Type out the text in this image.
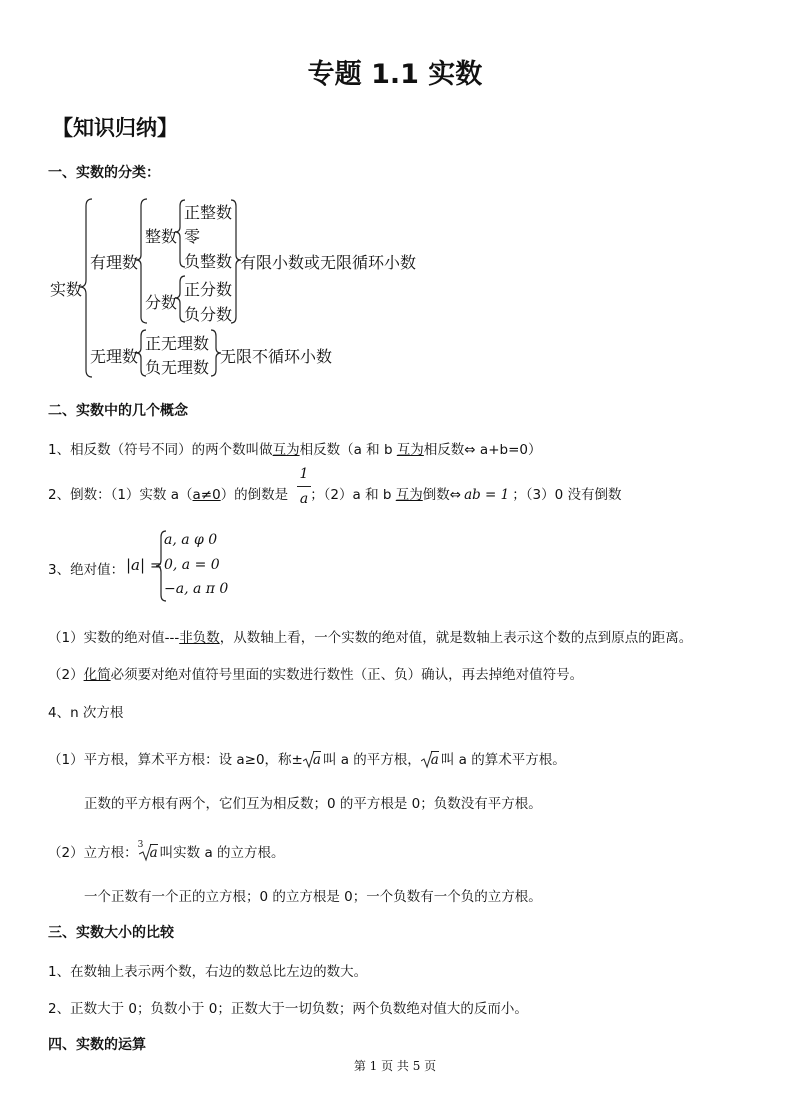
专题 1.1 实数
【知识归纳】
一、实数的分类：
实数
有理数
整数
正整数
零
负整数 有限小数或无限循环小数
分数
正分数
负分数
无理数
正无理数
负无理数
无限不循环小数
二、实数中的几个概念
1、相反数（符号不同）的两个数叫做互为相反数（a 和 b 互为相反数⇔ a+b=0）
2、倒数：（1）实数 a（a≠0）的倒数是 ；（2）a 和 b 互为倒数⇔ ab = 1 ；（3）0 没有倒数
1
a
3、绝对值： |a| =
a, a φ 0
0, a = 0
−a, a π 0
（1）实数的绝对值---非负数，从数轴上看，一个实数的绝对值，就是数轴上表示这个数的点到原点的距离。
（2）化简必须要对绝对值符号里面的实数进行数性（正、负）确认，再去掉绝对值符号。
4、n 次方根
（1）平方根，算术平方根：设 a≥0，称± a 叫 a 的平方根， a 叫 a 的算术平方根。
正数的平方根有两个，它们互为相反数；0 的平方根是 0；负数没有平方根。
（2）立方根： 3 a 叫实数 a 的立方根。
一个正数有一个正的立方根；0 的立方根是 0；一个负数有一个负的立方根。
三、实数大小的比较
1、在数轴上表示两个数，右边的数总比左边的数大。
2、正数大于 0；负数小于 0；正数大于一切负数；两个负数绝对值大的反而小。
四、实数的运算
第 1 页 共 5 页
